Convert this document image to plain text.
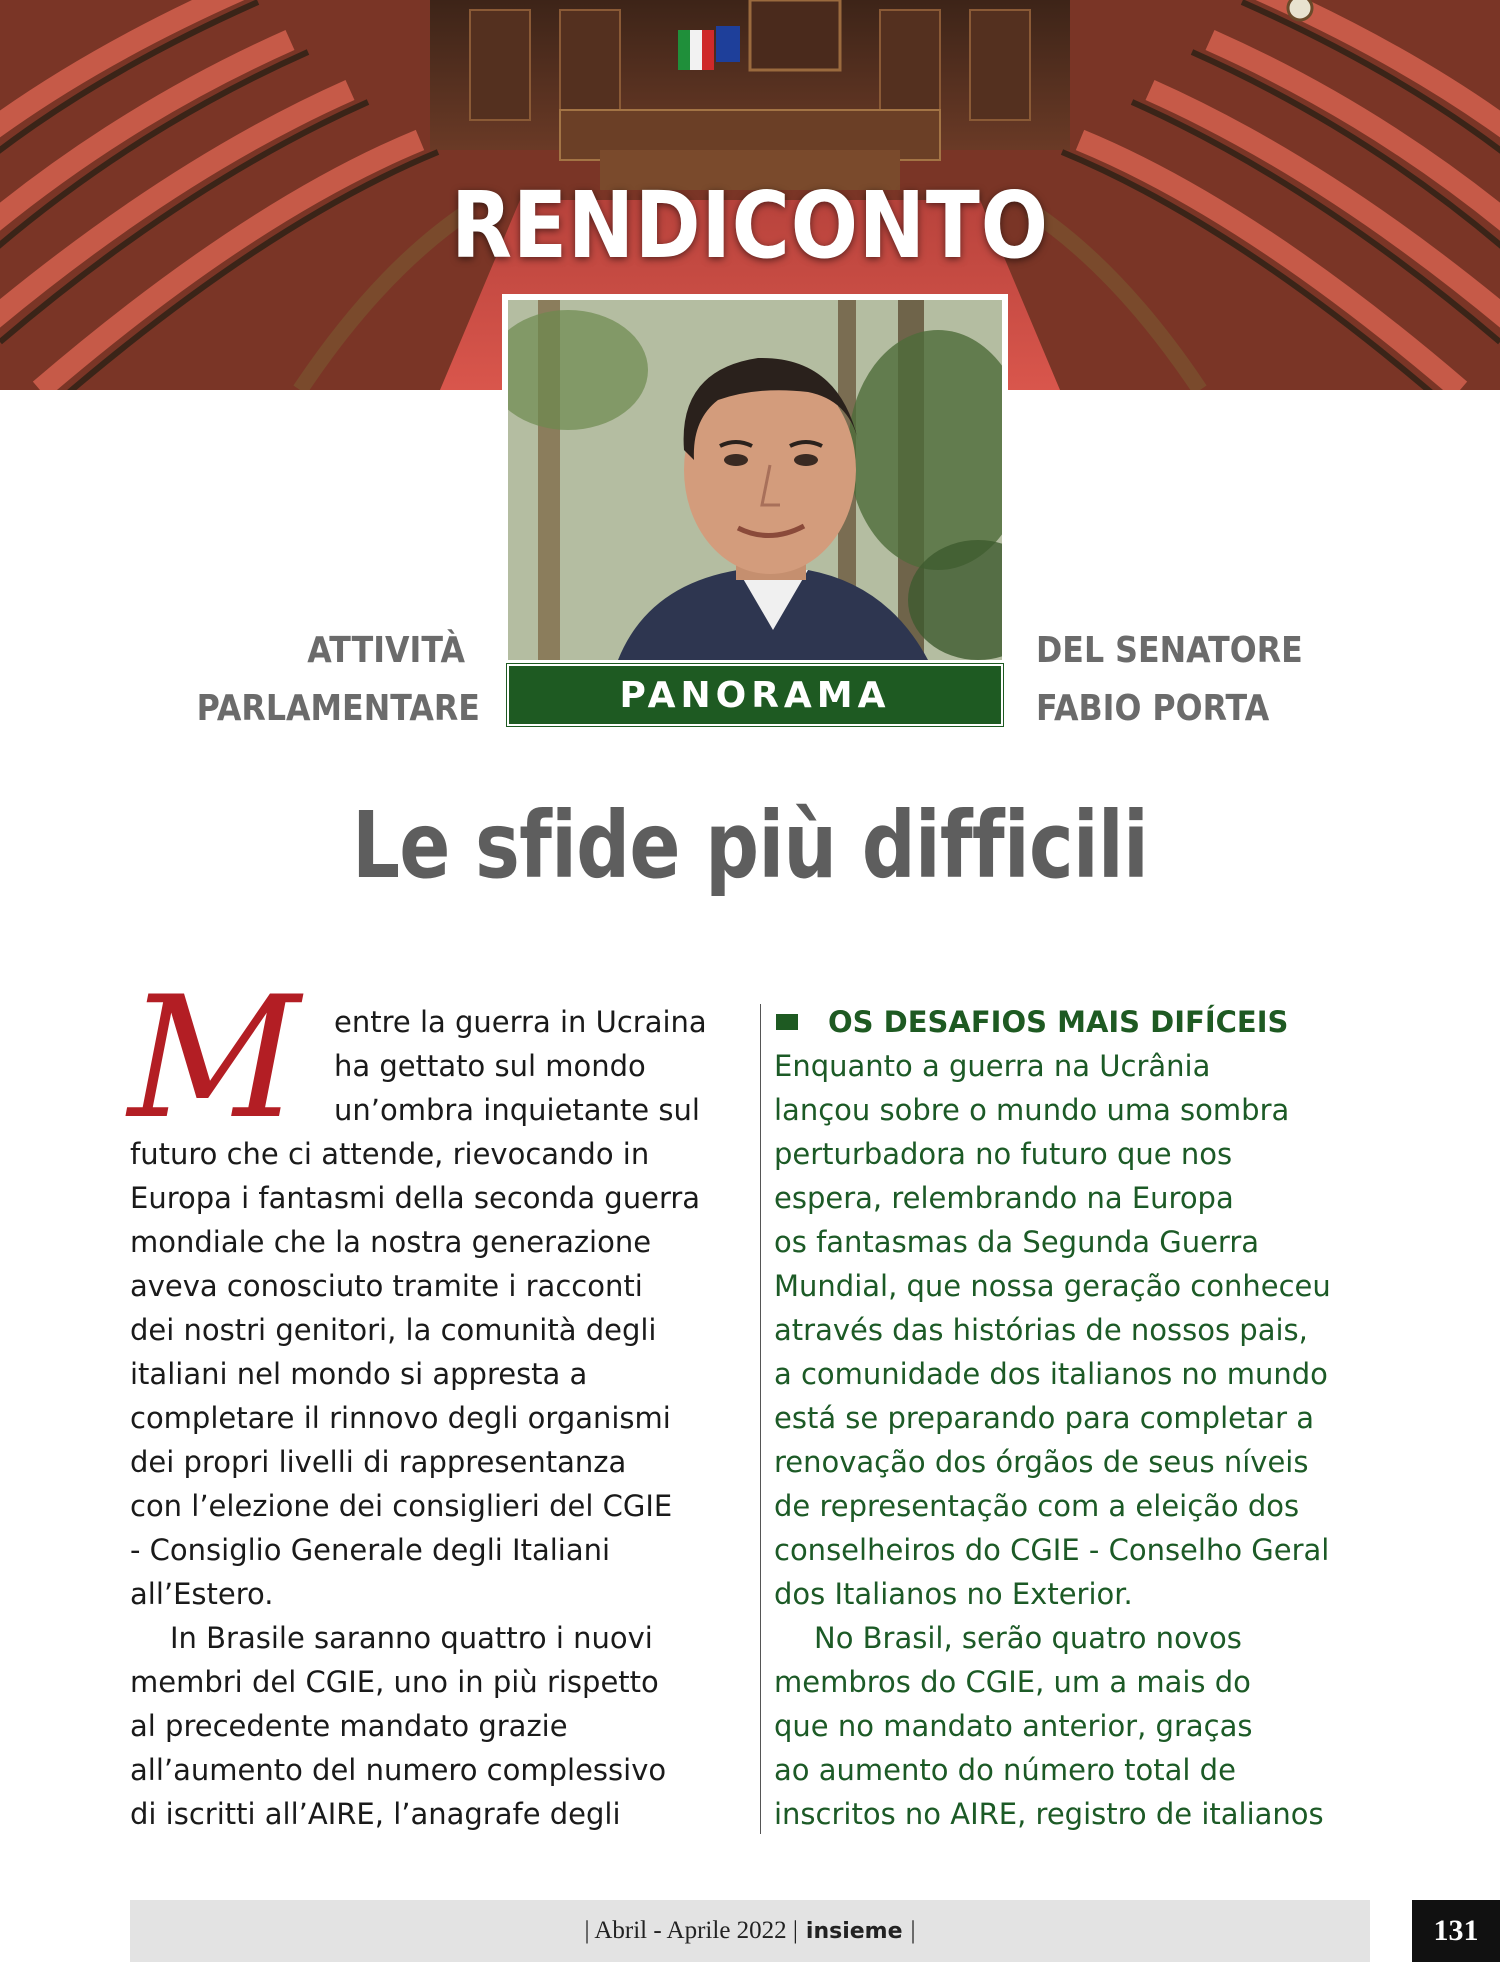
RENDICONTO
ATTIVITÀ
PARLAMENTARE	PANORAMA
DEL SENATORE
FABIO PORTA
Le sfide più difficili
M	entre la guerra in Ucraina
ha gettato sul mondo
un’ombra inquietante sul
futuro che ci attende, rievocando in
Europa i fantasmi della seconda guerra
mondiale che la nostra generazione
aveva conosciuto tramite i racconti
dei nostri genitori, la comunità degli
italiani nel mondo si appresta a
completare il rinnovo degli organismi
dei propri livelli di rappresentanza
con l’elezione dei consiglieri del CGIE
- Consiglio Generale degli Italiani
all’Estero.
In Brasile saranno quattro i nuovi
membri del CGIE, uno in più rispetto
al precedente mandato grazie
all’aumento del numero complessivo
di iscritti all’AIRE, l’anagrafe degli
OS DESAFIOS MAIS DIFÍCEIS
Enquanto a guerra na Ucrânia
lançou sobre o mundo uma sombra
perturbadora no futuro que nos
espera, relembrando na Europa
os fantasmas da Segunda Guerra
Mundial, que nossa geração conheceu
através das histórias de nossos pais,
a comunidade dos italianos no mundo
está se preparando para completar a
renovação dos órgãos de seus níveis
de representação com a eleição dos
conselheiros do CGIE - Conselho Geral
dos Italianos no Exterior.
No Brasil, serão quatro novos
membros do CGIE, um a mais do
que no mandato anterior, graças
ao aumento do número total de
inscritos no AIRE, registro de italianos
| Abril - Aprile 2022 | insieme |	131
